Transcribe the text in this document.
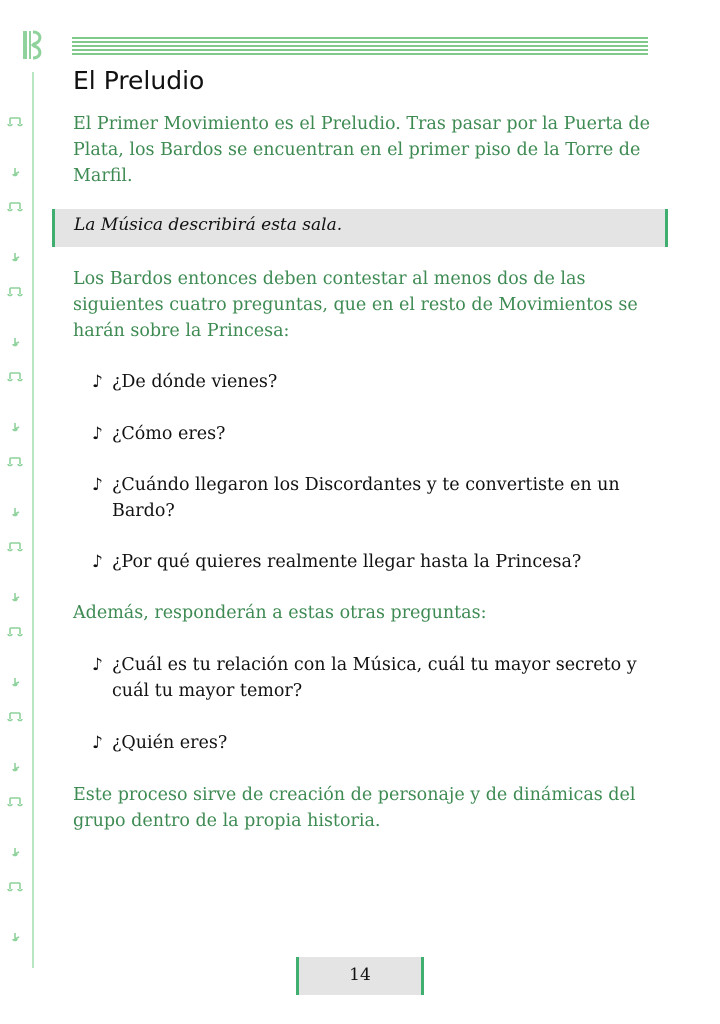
El Preludio

El Primer Movimiento es el Preludio. Tras pasar por la Puerta de Plata, los Bardos se encuentran en el primer piso de la Torre de Marfil.

La Música describirá esta sala.

Los Bardos entonces deben contestar al menos dos de las siguientes cuatro preguntas, que en el resto de Movimientos se harán sobre la Princesa:

♪ ¿De dónde vienes?
♪ ¿Cómo eres?
♪ ¿Cuándo llegaron los Discordantes y te convertiste en un Bardo?
♪ ¿Por qué quieres realmente llegar hasta la Princesa?

Además, responderán a estas otras preguntas:

♪ ¿Cuál es tu relación con la Música, cuál tu mayor secreto y cuál tu mayor temor?
♪ ¿Quién eres?

Este proceso sirve de creación de personaje y de dinámicas del grupo dentro de la propia historia.

14
